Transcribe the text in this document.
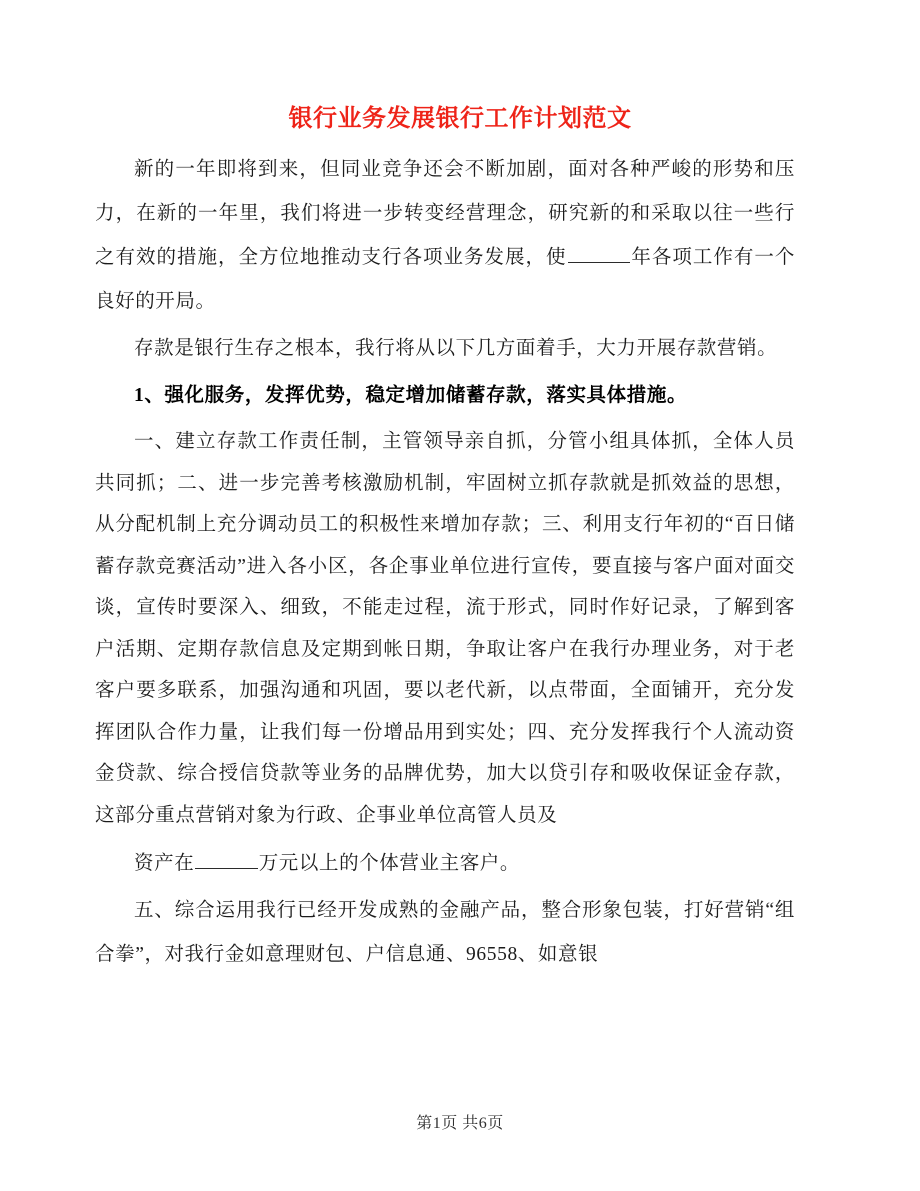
银行业务发展银行工作计划范文

新的一年即将到来，但同业竞争还会不断加剧，面对各种严峻的形势和压力，在新的一年里，我们将进一步转变经营理念，研究新的和采取以往一些行之有效的措施，全方位地推动支行各项业务发展，使	年各项工作有一个良好的开局。

存款是银行生存之根本，我行将从以下几方面着手，大力开展存款营销。

1、强化服务，发挥优势，稳定增加储蓄存款，落实具体措施。

一、建立存款工作责任制，主管领导亲自抓，分管小组具体抓，全体人员共同抓；二、进一步完善考核激励机制，牢固树立抓存款就是抓效益的思想，从分配机制上充分调动员工的积极性来增加存款；三、利用支行年初的“百日储蓄存款竞赛活动”进入各小区，各企事业单位进行宣传，要直接与客户面对面交谈，宣传时要深入、细致，不能走过程，流于形式，同时作好记录，了解到客户活期、定期存款信息及定期到帐日期，争取让客户在我行办理业务，对于老客户要多联系，加强沟通和巩固，要以老代新，以点带面，全面铺开，充分发挥团队合作力量，让我们每一份增品用到实处；四、充分发挥我行个人流动资金贷款、综合授信贷款等业务的品牌优势，加大以贷引存和吸收保证金存款，这部分重点营销对象为行政、企事业单位高管人员及

资产在	万元以上的个体营业主客户。

五、综合运用我行已经开发成熟的金融产品，整合形象包装，打好营销“组合拳”，对我行金如意理财包、户信息通、96558、如意银

第1页 共6页
